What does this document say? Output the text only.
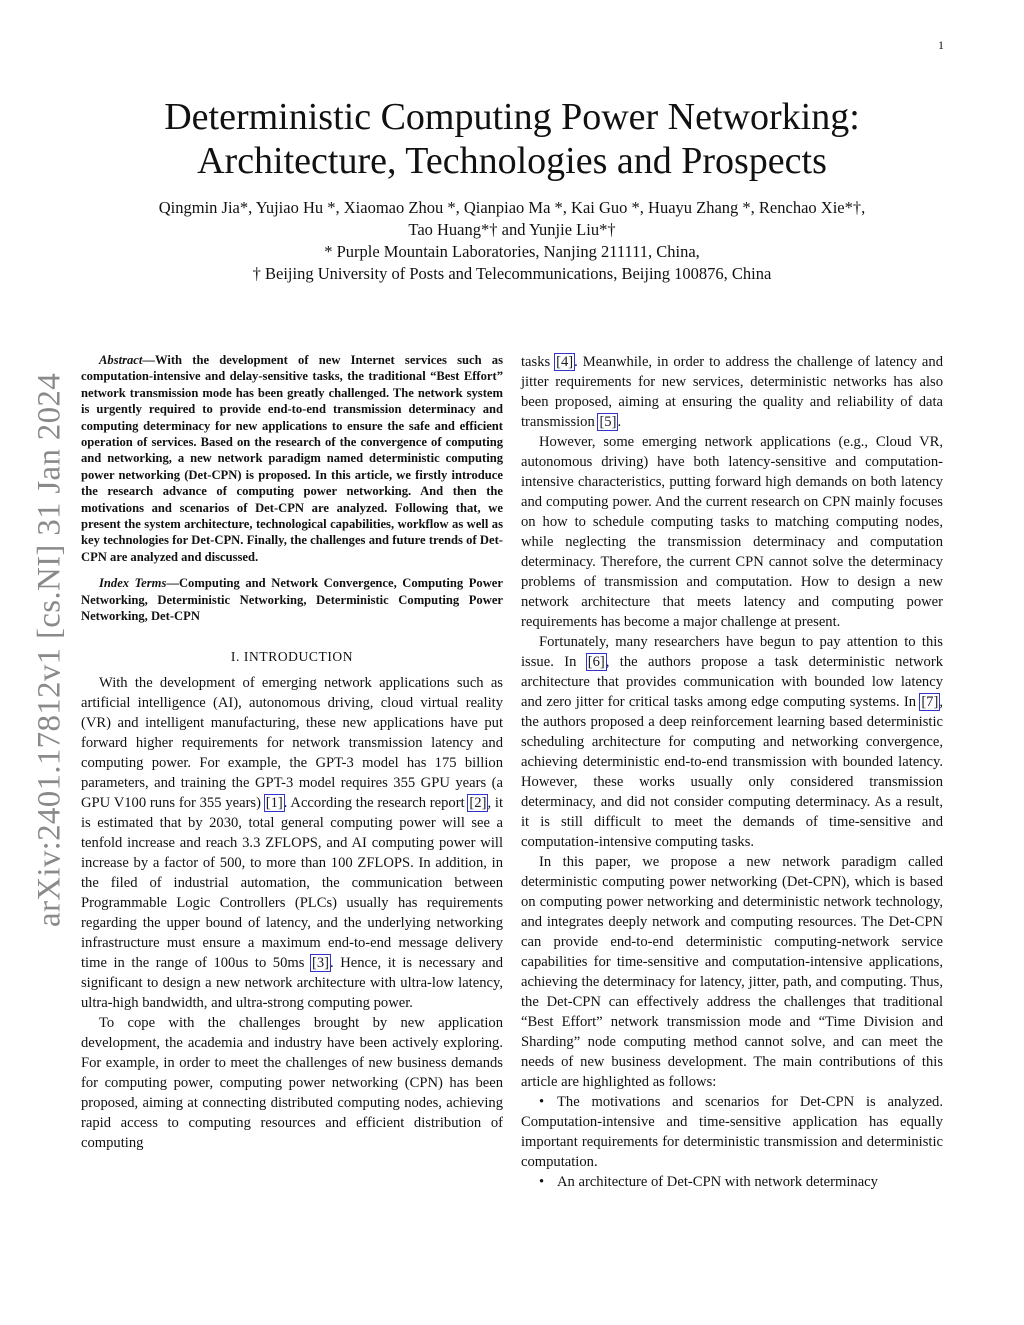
1
arXiv:2401.17812v1 [cs.NI] 31 Jan 2024
Deterministic Computing Power Networking:
Architecture, Technologies and Prospects
Qingmin Jia*, Yujiao Hu *, Xiaomao Zhou *, Qianpiao Ma *, Kai Guo *, Huayu Zhang *, Renchao Xie*†,
Tao Huang*† and Yunjie Liu*†
* Purple Mountain Laboratories, Nanjing 211111, China,
† Beijing University of Posts and Telecommunications, Beijing 100876, China

Abstract—With the development of new Internet services such as computation-intensive and delay-sensitive tasks, the traditional “Best Effort” network transmission mode has been greatly challenged. The network system is urgently required to provide end-to-end transmission determinacy and computing determinacy for new applications to ensure the safe and efficient operation of services. Based on the research of the convergence of computing and networking, a new network paradigm named deterministic computing power networking (Det-CPN) is proposed. In this article, we firstly introduce the research advance of computing power networking. And then the motivations and scenarios of Det-CPN are analyzed. Following that, we present the system architecture, technological capabilities, workflow as well as key technologies for Det-CPN. Finally, the challenges and future trends of Det-CPN are analyzed and discussed.

Index Terms—Computing and Network Convergence, Computing Power Networking, Deterministic Networking, Deterministic Computing Power Networking, Det-CPN

I. INTRODUCTION

With the development of emerging network applications such as artificial intelligence (AI), autonomous driving, cloud virtual reality (VR) and intelligent manufacturing, these new applications have put forward higher requirements for network transmission latency and computing power. For example, the GPT-3 model has 175 billion parameters, and training the GPT-3 model requires 355 GPU years (a GPU V100 runs for 355 years) [1]. According the research report [2], it is estimated that by 2030, total general computing power will see a tenfold increase and reach 3.3 ZFLOPS, and AI computing power will increase by a factor of 500, to more than 100 ZFLOPS. In addition, in the filed of industrial automation, the communication between Programmable Logic Controllers (PLCs) usually has requirements regarding the upper bound of latency, and the underlying networking infrastructure must ensure a maximum end-to-end message delivery time in the range of 100us to 50ms [3]. Hence, it is necessary and significant to design a new network architecture with ultra-low latency, ultra-high bandwidth, and ultra-strong computing power.

To cope with the challenges brought by new application development, the academia and industry have been actively exploring. For example, in order to meet the challenges of new business demands for computing power, computing power networking (CPN) has been proposed, aiming at connecting distributed computing nodes, achieving rapid access to computing resources and efficient distribution of computing

tasks [4]. Meanwhile, in order to address the challenge of latency and jitter requirements for new services, deterministic networks has also been proposed, aiming at ensuring the quality and reliability of data transmission [5].

However, some emerging network applications (e.g., Cloud VR, autonomous driving) have both latency-sensitive and computation-intensive characteristics, putting forward high demands on both latency and computing power. And the current research on CPN mainly focuses on how to schedule computing tasks to matching computing nodes, while neglecting the transmission determinacy and computation determinacy. Therefore, the current CPN cannot solve the determinacy problems of transmission and computation. How to design a new network architecture that meets latency and computing power requirements has become a major challenge at present.

Fortunately, many researchers have begun to pay attention to this issue. In [6], the authors propose a task deterministic network architecture that provides communication with bounded low latency and zero jitter for critical tasks among edge computing systems. In [7], the authors proposed a deep reinforcement learning based deterministic scheduling architecture for computing and networking convergence, achieving deterministic end-to-end transmission with bounded latency. However, these works usually only considered transmission determinacy, and did not consider computing determinacy. As a result, it is still difficult to meet the demands of time-sensitive and computation-intensive computing tasks.

In this paper, we propose a new network paradigm called deterministic computing power networking (Det-CPN), which is based on computing power networking and deterministic network technology, and integrates deeply network and computing resources. The Det-CPN can provide end-to-end deterministic computing-network service capabilities for time-sensitive and computation-intensive applications, achieving the determinacy for latency, jitter, path, and computing. Thus, the Det-CPN can effectively address the challenges that traditional “Best Effort” network transmission mode and “Time Division and Sharding” node computing method cannot solve, and can meet the needs of new business development. The main contributions of this article are highlighted as follows:

• The motivations and scenarios for Det-CPN is analyzed. Computation-intensive and time-sensitive application has equally important requirements for deterministic transmission and deterministic computation.

• An architecture of Det-CPN with network determinacy
